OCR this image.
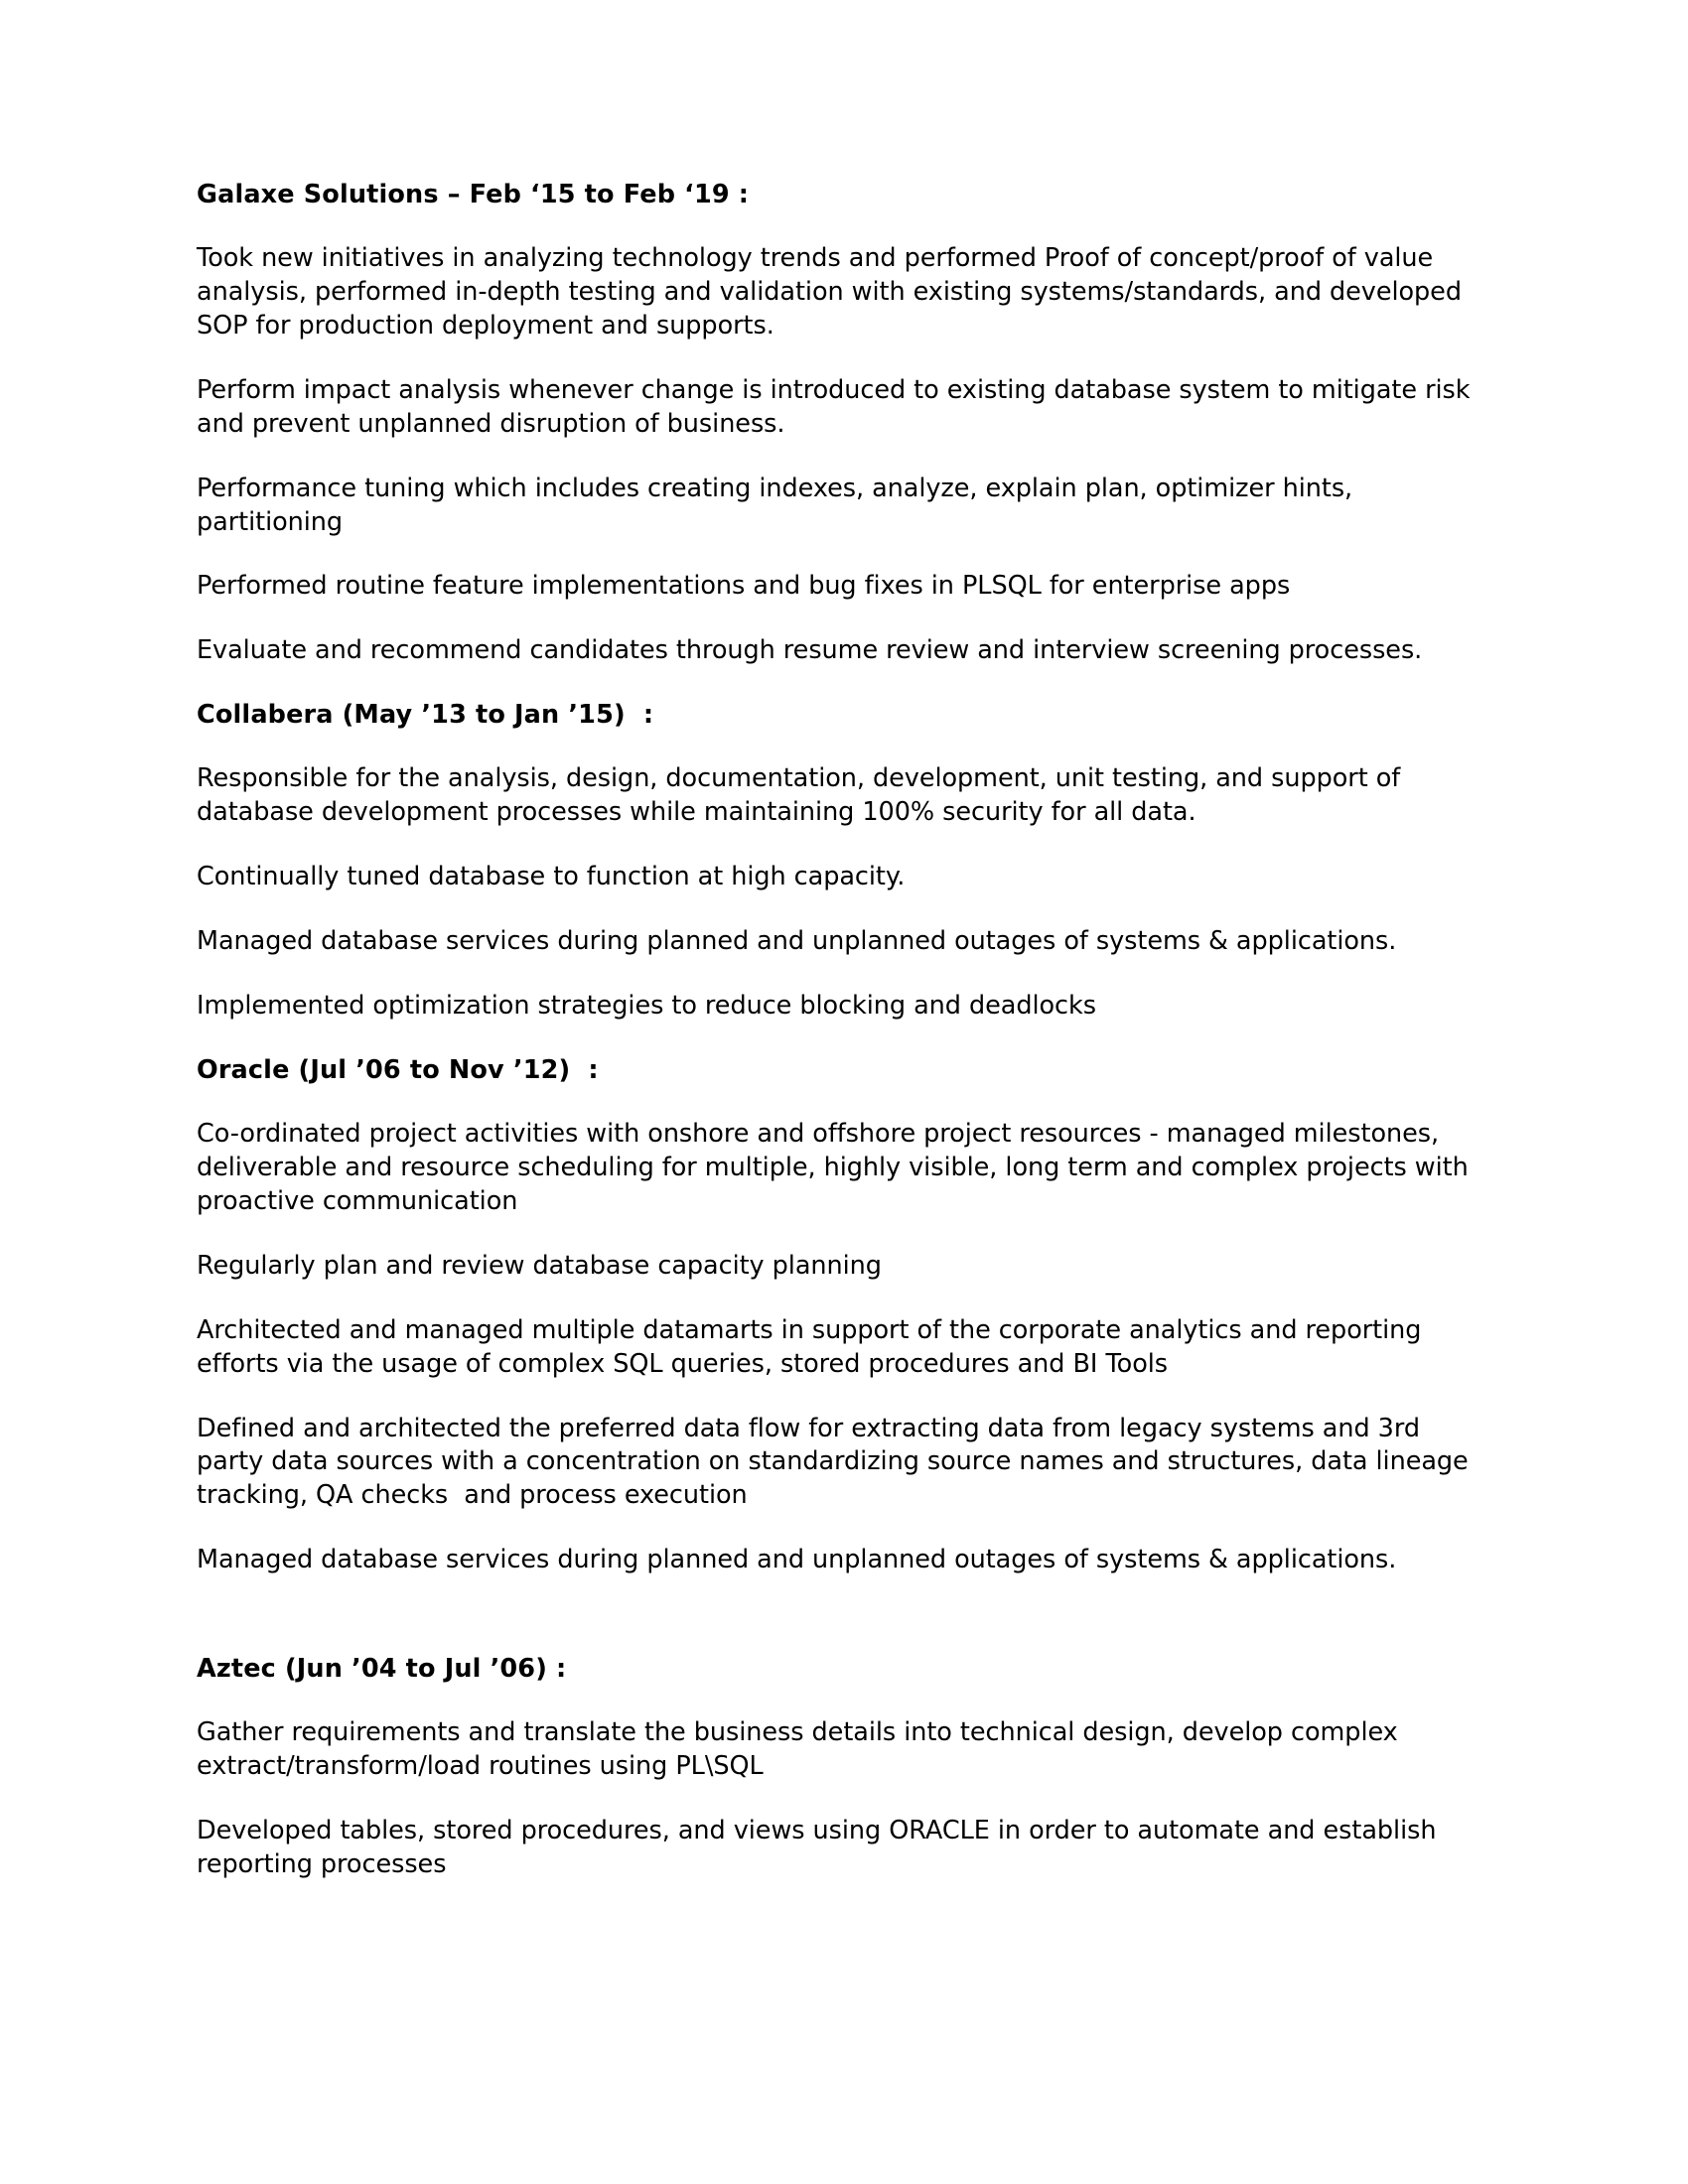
Galaxe Solutions – Feb ‘15 to Feb ‘19 :

Took new initiatives in analyzing technology trends and performed Proof of concept/proof of value analysis, performed in-depth testing and validation with existing systems/standards, and developed SOP for production deployment and supports.

Perform impact analysis whenever change is introduced to existing database system to mitigate risk and prevent unplanned disruption of business.

Performance tuning which includes creating indexes, analyze, explain plan, optimizer hints, partitioning

Performed routine feature implementations and bug fixes in PLSQL for enterprise apps

Evaluate and recommend candidates through resume review and interview screening processes.

Collabera (May ’13 to Jan ’15)  :

Responsible for the analysis, design, documentation, development, unit testing, and support of database development processes while maintaining 100% security for all data.

Continually tuned database to function at high capacity.

Managed database services during planned and unplanned outages of systems & applications.

Implemented optimization strategies to reduce blocking and deadlocks

Oracle (Jul ’06 to Nov ’12)  :

Co-ordinated project activities with onshore and offshore project resources - managed milestones, deliverable and resource scheduling for multiple, highly visible, long term and complex projects with proactive communication

Regularly plan and review database capacity planning

Architected and managed multiple datamarts in support of the corporate analytics and reporting efforts via the usage of complex SQL queries, stored procedures and BI Tools

Defined and architected the preferred data flow for extracting data from legacy systems and 3rd party data sources with a concentration on standardizing source names and structures, data lineage tracking, QA checks  and process execution

Managed database services during planned and unplanned outages of systems & applications.

Aztec (Jun ’04 to Jul ’06) :

Gather requirements and translate the business details into technical design, develop complex extract/transform/load routines using PL\SQL

Developed tables, stored procedures, and views using ORACLE in order to automate and establish reporting processes
